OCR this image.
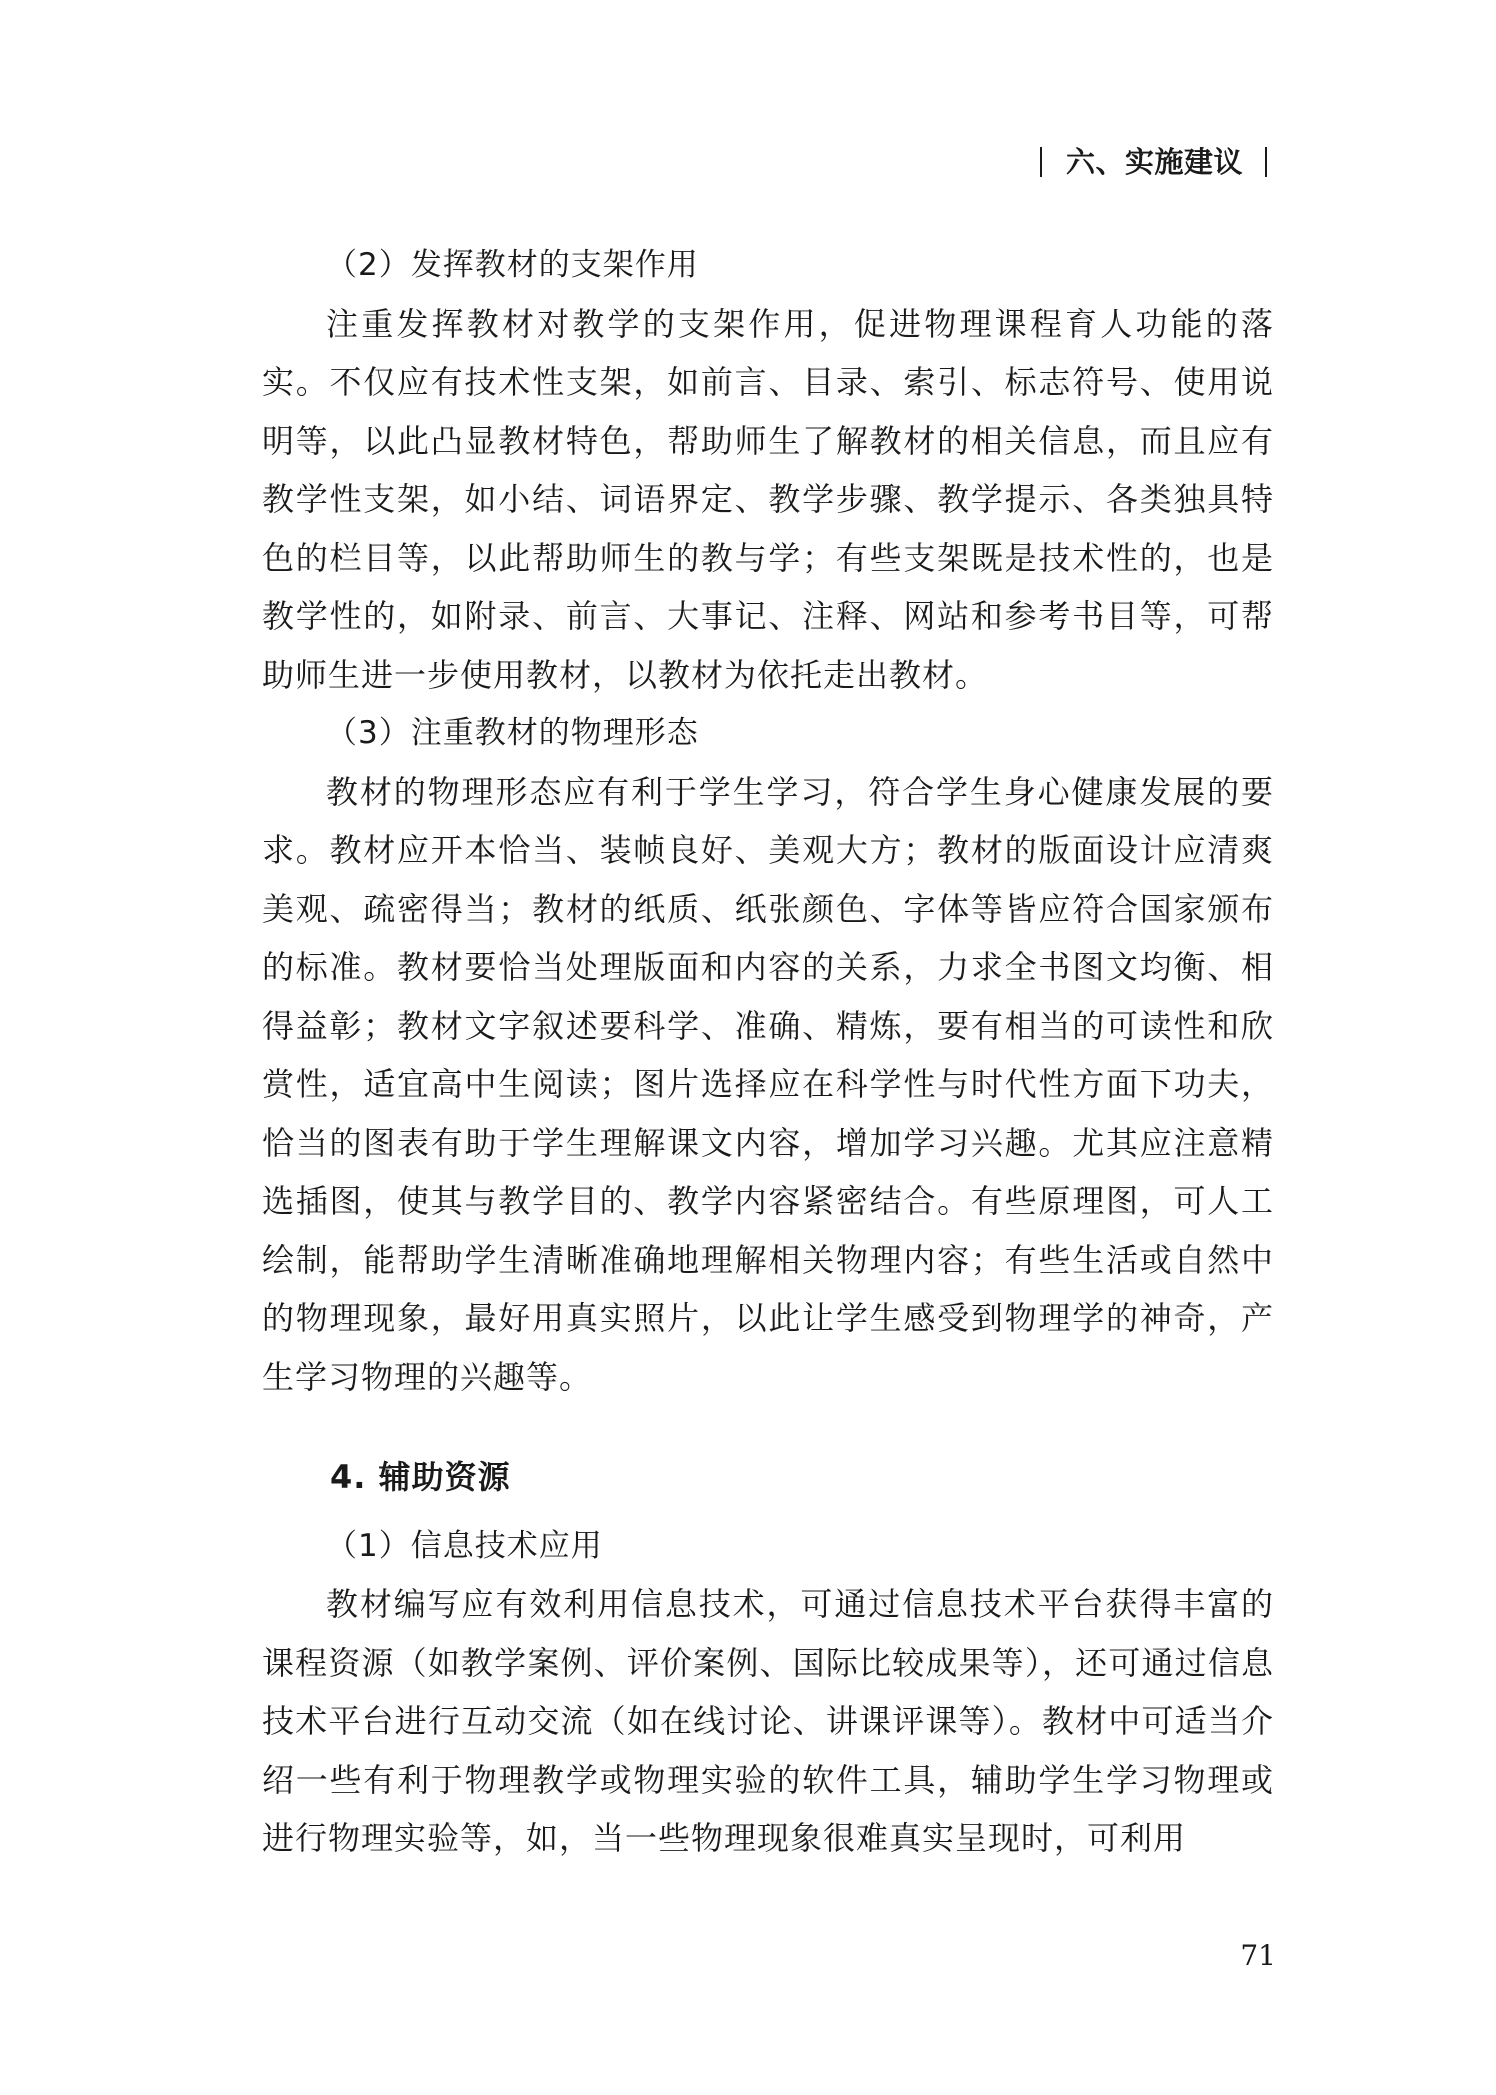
六、实施建议

（2）发挥教材的支架作用

注重发挥教材对教学的支架作用，促进物理课程育人功能的落实。不仅应有技术性支架，如前言、目录、索引、标志符号、使用说明等，以此凸显教材特色，帮助师生了解教材的相关信息，而且应有教学性支架，如小结、词语界定、教学步骤、教学提示、各类独具特色的栏目等，以此帮助师生的教与学；有些支架既是技术性的，也是教学性的，如附录、前言、大事记、注释、网站和参考书目等，可帮助师生进一步使用教材，以教材为依托走出教材。

（3）注重教材的物理形态

教材的物理形态应有利于学生学习，符合学生身心健康发展的要求。教材应开本恰当、装帧良好、美观大方；教材的版面设计应清爽美观、疏密得当；教材的纸质、纸张颜色、字体等皆应符合国家颁布的标准。教材要恰当处理版面和内容的关系，力求全书图文均衡、相得益彰；教材文字叙述要科学、准确、精炼，要有相当的可读性和欣赏性，适宜高中生阅读；图片选择应在科学性与时代性方面下功夫，恰当的图表有助于学生理解课文内容，增加学习兴趣。尤其应注意精选插图，使其与教学目的、教学内容紧密结合。有些原理图，可人工绘制，能帮助学生清晰准确地理解相关物理内容；有些生活或自然中的物理现象，最好用真实照片，以此让学生感受到物理学的神奇，产生学习物理的兴趣等。

4. 辅助资源

（1）信息技术应用

教材编写应有效利用信息技术，可通过信息技术平台获得丰富的课程资源（如教学案例、评价案例、国际比较成果等），还可通过信息技术平台进行互动交流（如在线讨论、讲课评课等）。教材中可适当介绍一些有利于物理教学或物理实验的软件工具，辅助学生学习物理或进行物理实验等，如，当一些物理现象很难真实呈现时，可利用

71
